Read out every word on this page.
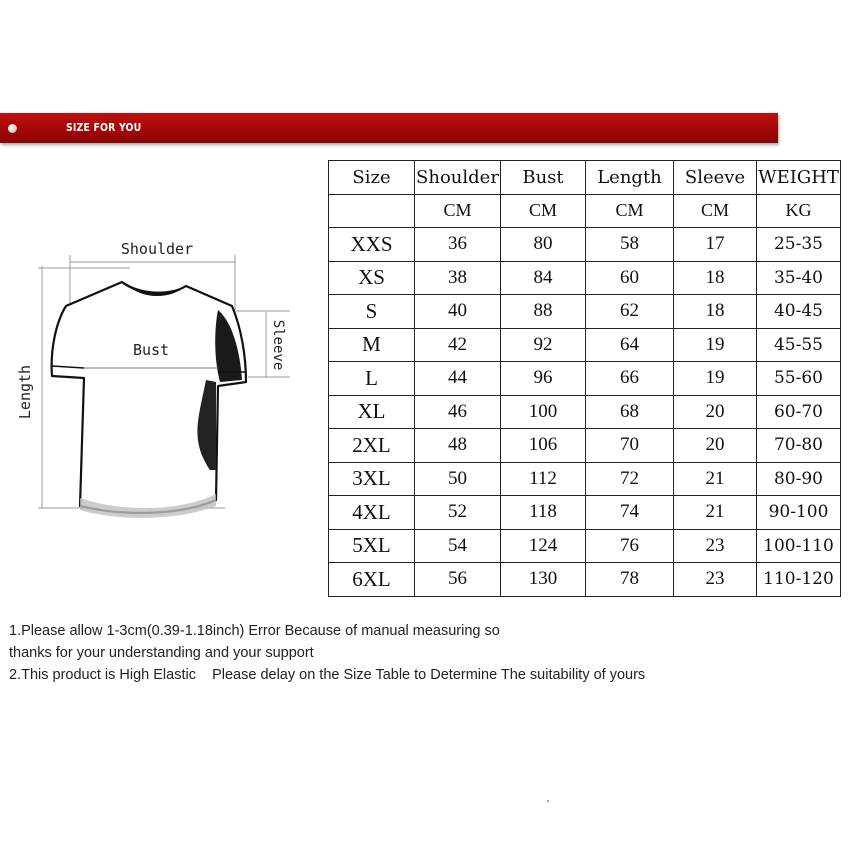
SIZE FOR YOU
Shoulder
Bust	Sleeve
Length
Size	Shoulder	Bust	Length	Sleeve	WEIGHT
	CM	CM	CM	CM	KG
XXS	36	80	58	17	25-35
XS	38	84	60	18	35-40
S	40	88	62	18	40-45
M	42	92	64	19	45-55
L	44	96	66	19	55-60
XL	46	100	68	20	60-70
2XL	48	106	70	20	70-80
3XL	50	112	72	21	80-90
4XL	52	118	74	21	90-100
5XL	54	124	76	23	100-110
6XL	56	130	78	23	110-120
1.Please allow 1-3cm(0.39-1.18inch) Error Because of manual measuring so
thanks for your understanding and your support
2.This product is High Elastic    Please delay on the Size Table to Determine The suitability of yours
